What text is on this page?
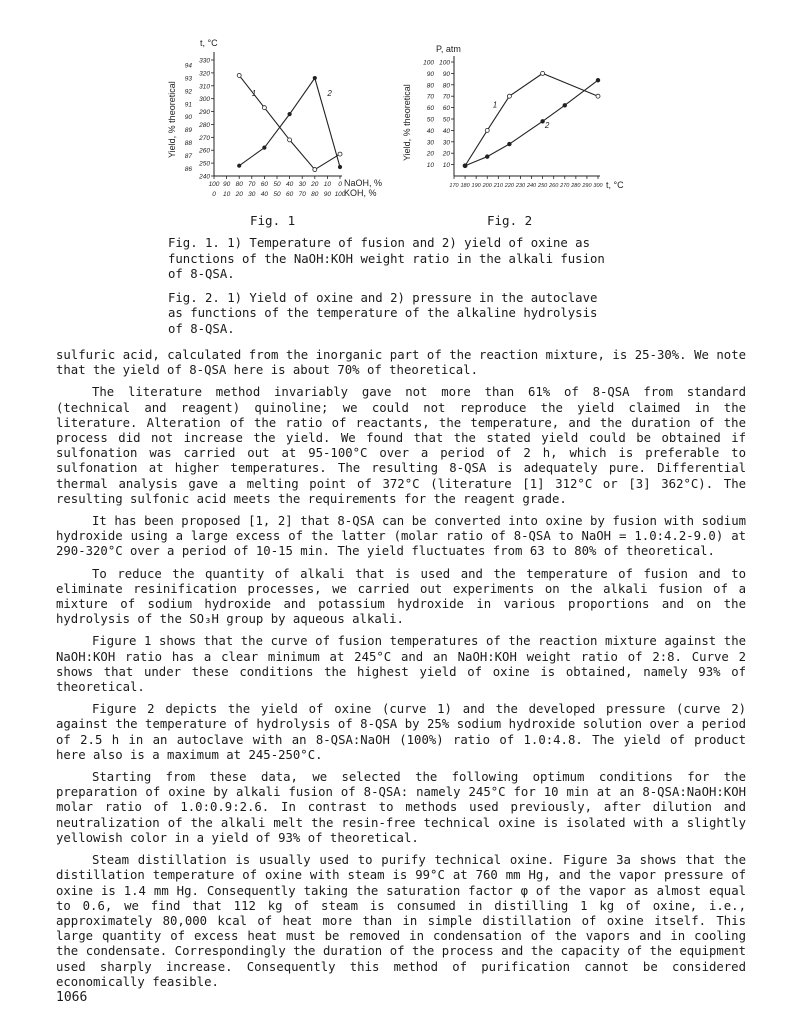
t, °C
Yield, % theoretical
240
250
260
270
280
290
300
310
320
330
86
87
88
89
90
91
92
93
94
100 90 80 70 60 50 40 30 20 10 0
0 10 20 30 40 50 60 70 80 90 100
NaOH, %
KOH, %
1	2
Fig. 1
P, atm
Yield, % theoretical
10
20
30
40
50
60
70
80
90
100
10
20
30
40
50
60
70
80
90
100
170 180 190 200 210 220 230 240 250 260 270 280 290 300 t, °C
1
2
Fig. 2

Fig. 1. 1) Temperature of fusion and 2) yield of oxine as functions of the NaOH:KOH weight ratio in the alkali fusion of 8-QSA.

Fig. 2. 1) Yield of oxine and 2) pressure in the autoclave as functions of the temperature of the alkaline hydrolysis of 8-QSA.

sulfuric acid, calculated from the inorganic part of the reaction mixture, is 25-30%. We note that the yield of 8-QSA here is about 70% of theoretical.

The literature method invariably gave not more than 61% of 8-QSA from standard (technical and reagent) quinoline; we could not reproduce the yield claimed in the literature. Alteration of the ratio of reactants, the temperature, and the duration of the process did not increase the yield. We found that the stated yield could be obtained if sulfonation was carried out at 95-100°C over a period of 2 h, which is preferable to sulfonation at higher temperatures. The resulting 8-QSA is adequately pure. Differential thermal analysis gave a melting point of 372°C (literature [1] 312°C or [3] 362°C). The resulting sulfonic acid meets the requirements for the reagent grade.

It has been proposed [1, 2] that 8-QSA can be converted into oxine by fusion with sodium hydroxide using a large excess of the latter (molar ratio of 8-QSA to NaOH = 1.0:4.2-9.0) at 290-320°C over a period of 10-15 min. The yield fluctuates from 63 to 80% of theoretical.

To reduce the quantity of alkali that is used and the temperature of fusion and to eliminate resinification processes, we carried out experiments on the alkali fusion of a mixture of sodium hydroxide and potassium hydroxide in various proportions and on the hydrolysis of the SO₃H group by aqueous alkali.

Figure 1 shows that the curve of fusion temperatures of the reaction mixture against the NaOH:KOH ratio has a clear minimum at 245°C and an NaOH:KOH weight ratio of 2:8. Curve 2 shows that under these conditions the highest yield of oxine is obtained, namely 93% of theoretical.

Figure 2 depicts the yield of oxine (curve 1) and the developed pressure (curve 2) against the temperature of hydrolysis of 8-QSA by 25% sodium hydroxide solution over a period of 2.5 h in an autoclave with an 8-QSA:NaOH (100%) ratio of 1.0:4.8. The yield of product here also is a maximum at 245-250°C.

Starting from these data, we selected the following optimum conditions for the preparation of oxine by alkali fusion of 8-QSA: namely 245°C for 10 min at an 8-QSA:NaOH:KOH molar ratio of 1.0:0.9:2.6. In contrast to methods used previously, after dilution and neutralization of the alkali melt the resin-free technical oxine is isolated with a slightly yellowish color in a yield of 93% of theoretical.

Steam distillation is usually used to purify technical oxine. Figure 3a shows that the distillation temperature of oxine with steam is 99°C at 760 mm Hg, and the vapor pressure of oxine is 1.4 mm Hg. Consequently taking the saturation factor φ of the vapor as almost equal to 0.6, we find that 112 kg of steam is consumed in distilling 1 kg of oxine, i.e., approximately 80,000 kcal of heat more than in simple distillation of oxine itself. This large quantity of excess heat must be removed in condensation of the vapors and in cooling the condensate. Correspondingly the duration of the process and the capacity of the equipment used sharply increase. Consequently this method of purification cannot be considered economically feasible.

1066
